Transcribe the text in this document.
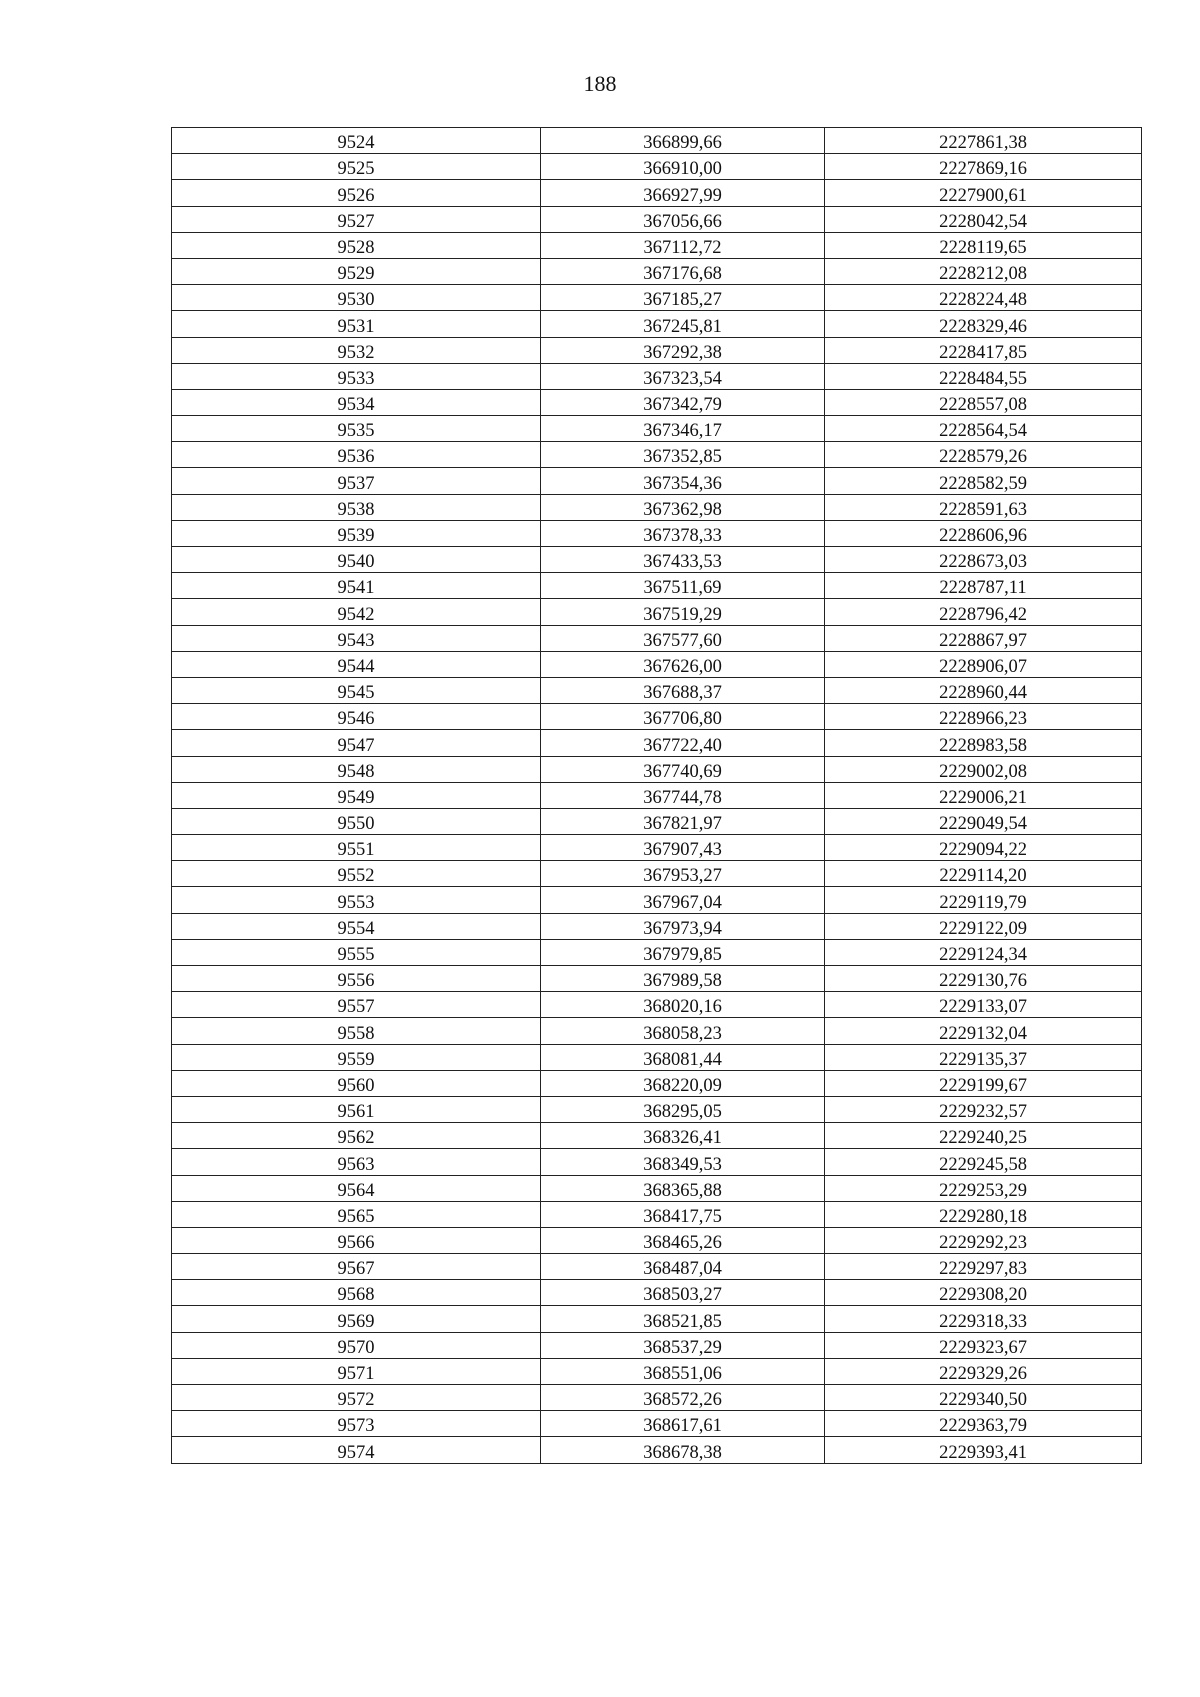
188
9524	366899,66	2227861,38
9525	366910,00	2227869,16
9526	366927,99	2227900,61
9527	367056,66	2228042,54
9528	367112,72	2228119,65
9529	367176,68	2228212,08
9530	367185,27	2228224,48
9531	367245,81	2228329,46
9532	367292,38	2228417,85
9533	367323,54	2228484,55
9534	367342,79	2228557,08
9535	367346,17	2228564,54
9536	367352,85	2228579,26
9537	367354,36	2228582,59
9538	367362,98	2228591,63
9539	367378,33	2228606,96
9540	367433,53	2228673,03
9541	367511,69	2228787,11
9542	367519,29	2228796,42
9543	367577,60	2228867,97
9544	367626,00	2228906,07
9545	367688,37	2228960,44
9546	367706,80	2228966,23
9547	367722,40	2228983,58
9548	367740,69	2229002,08
9549	367744,78	2229006,21
9550	367821,97	2229049,54
9551	367907,43	2229094,22
9552	367953,27	2229114,20
9553	367967,04	2229119,79
9554	367973,94	2229122,09
9555	367979,85	2229124,34
9556	367989,58	2229130,76
9557	368020,16	2229133,07
9558	368058,23	2229132,04
9559	368081,44	2229135,37
9560	368220,09	2229199,67
9561	368295,05	2229232,57
9562	368326,41	2229240,25
9563	368349,53	2229245,58
9564	368365,88	2229253,29
9565	368417,75	2229280,18
9566	368465,26	2229292,23
9567	368487,04	2229297,83
9568	368503,27	2229308,20
9569	368521,85	2229318,33
9570	368537,29	2229323,67
9571	368551,06	2229329,26
9572	368572,26	2229340,50
9573	368617,61	2229363,79
9574	368678,38	2229393,41
